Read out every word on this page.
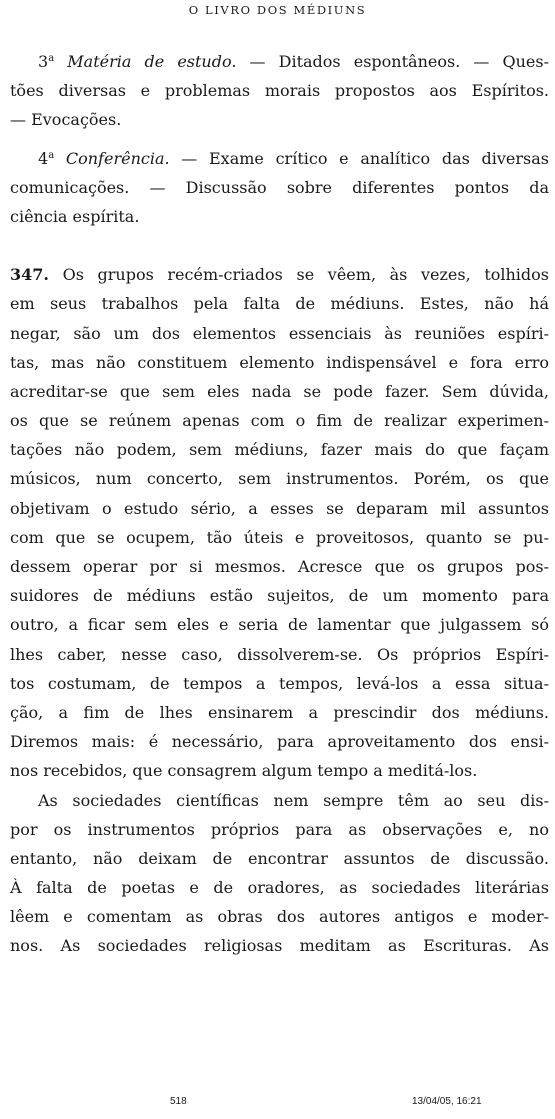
O LIVRO DOS MÉDIUNS
3$^a$ Matéria de estudo. — Ditados espontâneos. — Ques-
tões diversas e problemas morais propostos aos Espíritos.
— Evocações.
4$^a$ Conferência. — Exame crítico e analítico das diversas
comunicações. — Discussão sobre diferentes pontos da
ciência espírita.
347. Os grupos recém-criados se vêem, às vezes, tolhidos
em seus trabalhos pela falta de médiuns. Estes, não há
negar, são um dos elementos essenciais às reuniões espíri-
tas, mas não constituem elemento indispensável e fora erro
acreditar-se que sem eles nada se pode fazer. Sem dúvida,
os que se reúnem apenas com o fim de realizar experimen-
tações não podem, sem médiuns, fazer mais do que façam
músicos, num concerto, sem instrumentos. Porém, os que
objetivam o estudo sério, a esses se deparam mil assuntos
com que se ocupem, tão úteis e proveitosos, quanto se pu-
dessem operar por si mesmos. Acresce que os grupos pos-
suidores de médiuns estão sujeitos, de um momento para
outro, a ficar sem eles e seria de lamentar que julgassem só
lhes caber, nesse caso, dissolverem-se. Os próprios Espíri-
tos costumam, de tempos a tempos, levá-los a essa situa-
ção, a fim de lhes ensinarem a prescindir dos médiuns.
Diremos mais: é necessário, para aproveitamento dos ensi-
nos recebidos, que consagrem algum tempo a meditá-los.
As sociedades científicas nem sempre têm ao seu dis-
por os instrumentos próprios para as observações e, no
entanto, não deixam de encontrar assuntos de discussão.
À falta de poetas e de oradores, as sociedades literárias
lêem e comentam as obras dos autores antigos e moder-
nos. As sociedades religiosas meditam as Escrituras. As
518	13/04/05, 16:21
